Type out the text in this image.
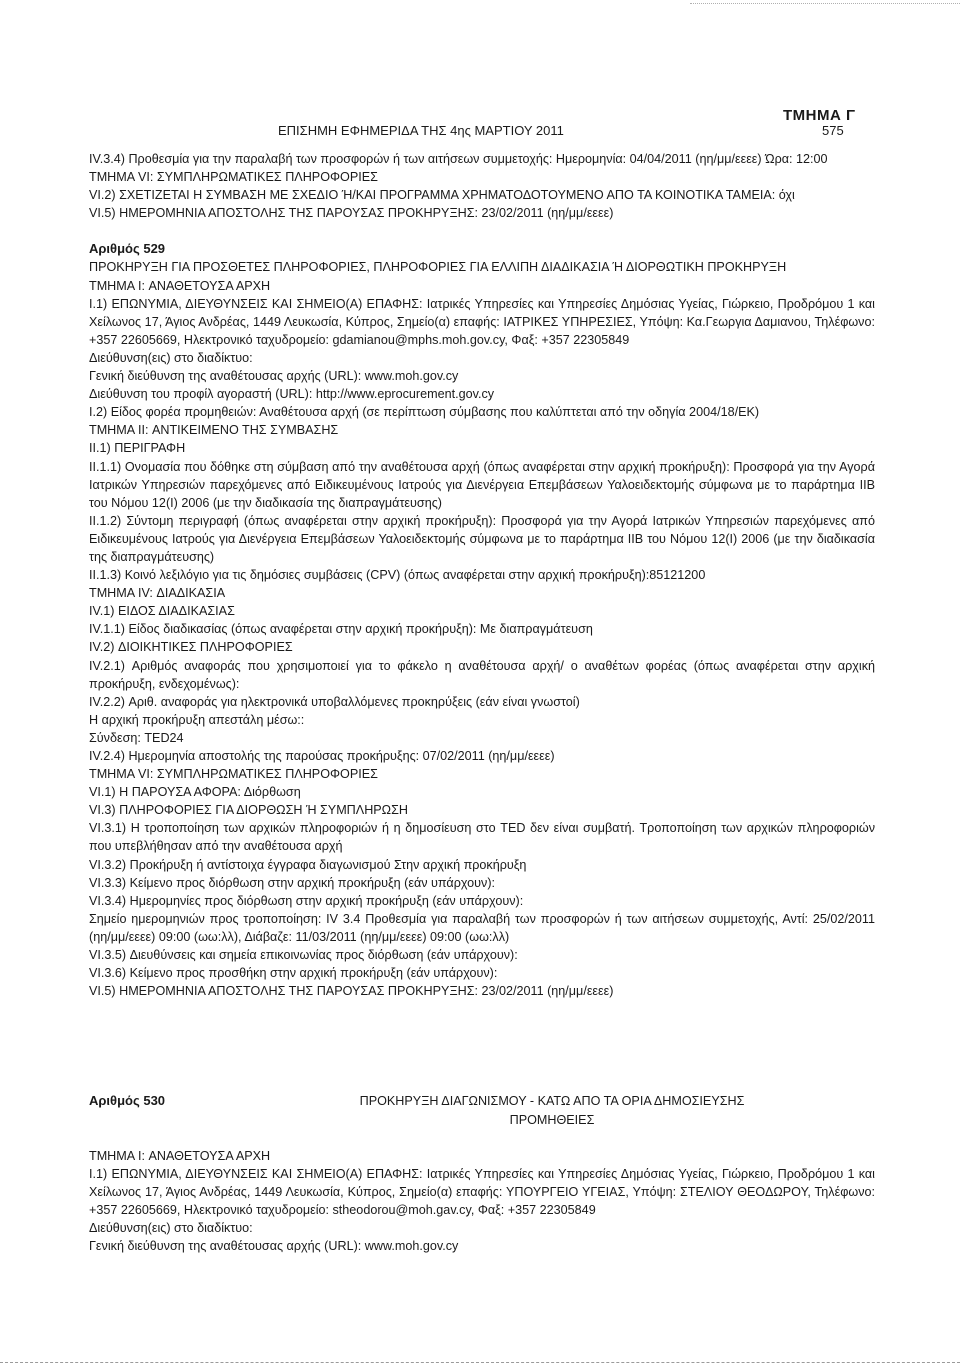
ΤΜΗΜΑ Γ
ΕΠΙΣΗΜΗ ΕΦΗΜΕΡΙΔΑ ΤΗΣ 4ης ΜΑΡΤΙΟΥ 2011	575

IV.3.4) Προθεσμία για την παραλαβή των προσφορών ή των αιτήσεων συμμετοχής: Ημερομηνία: 04/04/2011 (ηη/μμ/εεεε) Ώρα: 12:00

ΤΜΗΜΑ VI: ΣΥΜΠΛΗΡΩΜΑΤΙΚΕΣ ΠΛΗΡΟΦΟΡΙΕΣ

VI.2) ΣΧΕΤΙΖΕΤΑΙ Η ΣΥΜΒΑΣΗ ΜΕ ΣΧΕΔΙΟ Ή/ΚΑΙ ΠΡΟΓΡΑΜΜΑ ΧΡΗΜΑΤΟΔΟΤΟΥΜΕΝΟ ΑΠΟ ΤΑ ΚΟΙΝΟΤΙΚΑ ΤΑΜΕΙΑ: όχι

VI.5) ΗΜΕΡΟΜΗΝΙΑ ΑΠΟΣΤΟΛΗΣ ΤΗΣ ΠΑΡΟΥΣΑΣ ΠΡΟΚΗΡΥΞΗΣ: 23/02/2011 (ηη/μμ/εεεε)

Αριθμός 529

ΠΡΟΚΗΡΥΞΗ ΓΙΑ ΠΡΟΣΘΕΤΕΣ ΠΛΗΡΟΦΟΡΙΕΣ, ΠΛΗΡΟΦΟΡΙΕΣ ΓΙΑ ΕΛΛΙΠΗ ΔΙΑΔΙΚΑΣΙΑ Ή ΔΙΟΡΘΩΤΙΚΗ ΠΡΟΚΗΡΥΞΗ

ΤΜΗΜΑ I: ΑΝΑΘΕΤΟΥΣΑ ΑΡΧΗ

I.1) ΕΠΩΝΥΜΙΑ, ΔΙΕΥΘΥΝΣΕΙΣ ΚΑΙ ΣΗΜΕΙΟ(Α) ΕΠΑΦΗΣ: Ιατρικές Υπηρεσίες και Υπηρεσίες Δημόσιας Υγείας, Γιώρκειο, Προδρόμου 1 και Χείλωνος 17, Άγιος Ανδρέας, 1449 Λευκωσία, Κύπρος, Σημείο(α) επαφής: ΙΑΤΡΙΚΕΣ ΥΠΗΡΕΣΙΕΣ, Υπόψη: Κα.Γεωργια Δαμιανου, Τηλέφωνο: +357 22605669, Ηλεκτρονικό ταχυδρομείο: gdamianou@mphs.moh.gov.cy, Φαξ: +357 22305849

Διεύθυνση(εις) στο διαδίκτυο:

Γενική διεύθυνση της αναθέτουσας αρχής (URL): www.moh.gov.cy

Διεύθυνση του προφίλ αγοραστή (URL): http://www.eprocurement.gov.cy

I.2) Είδος φορέα προμηθειών: Αναθέτουσα αρχή (σε περίπτωση σύμβασης που καλύπτεται από την οδηγία 2004/18/ΕΚ)

ΤΜΗΜΑ II: ΑΝΤΙΚΕΙΜΕΝΟ ΤΗΣ ΣΥΜΒΑΣΗΣ

II.1) ΠΕΡΙΓΡΑΦΗ

II.1.1) Ονομασία που δόθηκε στη σύμβαση από την αναθέτουσα αρχή (όπως αναφέρεται στην αρχική προκήρυξη): Προσφορά για την Αγορά Ιατρικών Υπηρεσιών παρεχόμενες από Ειδικευμένους Ιατρούς για Διενέργεια Επεμβάσεων Υαλοειδεκτομής σύμφωνα με το παράρτημα IIB του Νόμου 12(Ι) 2006 (με την διαδικασία της διαπραγμάτευσης)

II.1.2) Σύντομη περιγραφή (όπως αναφέρεται στην αρχική προκήρυξη): Προσφορά για την Αγορά Ιατρικών Υπηρεσιών παρεχόμενες από Ειδικευμένους Ιατρούς για Διενέργεια Επεμβάσεων Υαλοειδεκτομής σύμφωνα με το παράρτημα IIB του Νόμου 12(Ι) 2006 (με την διαδικασία της διαπραγμάτευσης)

II.1.3) Κοινό λεξιλόγιο για τις δημόσιες συμβάσεις (CPV) (όπως αναφέρεται στην αρχική προκήρυξη):85121200

ΤΜΗΜΑ IV: ΔΙΑΔΙΚΑΣΙΑ

IV.1) ΕΙΔΟΣ ΔΙΑΔΙΚΑΣΙΑΣ

IV.1.1) Είδος διαδικασίας (όπως αναφέρεται στην αρχική προκήρυξη): Με διαπραγμάτευση

IV.2) ΔΙΟΙΚΗΤΙΚΕΣ ΠΛΗΡΟΦΟΡΙΕΣ

IV.2.1) Αριθμός αναφοράς που χρησιμοποιεί για το φάκελο η αναθέτουσα αρχή/ ο αναθέτων φορέας (όπως αναφέρεται στην αρχική προκήρυξη, ενδεχομένως):

IV.2.2) Αριθ. αναφοράς για ηλεκτρονικά υποβαλλόμενες προκηρύξεις (εάν είναι γνωστοί)

Η αρχική προκήρυξη απεστάλη μέσω::

Σύνδεση: TED24

IV.2.4) Ημερομηνία αποστολής της παρούσας προκήρυξης: 07/02/2011 (ηη/μμ/εεεε)

ΤΜΗΜΑ VI: ΣΥΜΠΛΗΡΩΜΑΤΙΚΕΣ ΠΛΗΡΟΦΟΡΙΕΣ

VI.1) Η ΠΑΡΟΥΣΑ ΑΦΟΡΑ: Διόρθωση

VI.3) ΠΛΗΡΟΦΟΡΙΕΣ ΓΙΑ ΔΙΟΡΘΩΣΗ Ή ΣΥΜΠΛΗΡΩΣΗ

VI.3.1) Η τροποποίηση των αρχικών πληροφοριών ή η δημοσίευση στο TED δεν είναι συμβατή. Τροποποίηση των αρχικών πληροφοριών που υπεβλήθησαν από την αναθέτουσα αρχή

VI.3.2) Προκήρυξη ή αντίστοιχα έγγραφα διαγωνισμού Στην αρχική προκήρυξη

VI.3.3) Κείμενο προς διόρθωση στην αρχική προκήρυξη (εάν υπάρχουν):

VI.3.4) Ημερομηνίες προς διόρθωση στην αρχική προκήρυξη (εάν υπάρχουν):

Σημείο ημερομηνιών προς τροποποίηση: IV 3.4 Προθεσμία για παραλαβή των προσφορών ή των αιτήσεων συμμετοχής, Αντί: 25/02/2011 (ηη/μμ/εεεε) 09:00 (ωω:λλ), Διάβαζε: 11/03/2011 (ηη/μμ/εεεε) 09:00 (ωω:λλ)

VI.3.5) Διευθύνσεις και σημεία επικοινωνίας προς διόρθωση (εάν υπάρχουν):

VI.3.6) Κείμενο προς προσθήκη στην αρχική προκήρυξη (εάν υπάρχουν):

VI.5) ΗΜΕΡΟΜΗΝΙΑ ΑΠΟΣΤΟΛΗΣ ΤΗΣ ΠΑΡΟΥΣΑΣ ΠΡΟΚΗΡΥΞΗΣ: 23/02/2011 (ηη/μμ/εεεε)

Αριθμός 530	ΠΡΟΚΗΡΥΞΗ ΔΙΑΓΩΝΙΣΜΟΥ - ΚΑΤΩ ΑΠΟ ΤΑ ΟΡΙΑ ΔΗΜΟΣΙΕΥΣΗΣ

ΠΡΟΜΗΘΕΙΕΣ

ΤΜΗΜΑ I: ΑΝΑΘΕΤΟΥΣΑ ΑΡΧΗ

I.1) ΕΠΩΝΥΜΙΑ, ΔΙΕΥΘΥΝΣΕΙΣ ΚΑΙ ΣΗΜΕΙΟ(Α) ΕΠΑΦΗΣ: Ιατρικές Υπηρεσίες και Υπηρεσίες Δημόσιας Υγείας, Γιώρκειο, Προδρόμου 1 και Χείλωνος 17, Άγιος Ανδρέας, 1449 Λευκωσία, Κύπρος, Σημείο(α) επαφής: ΥΠΟΥΡΓΕΙΟ ΥΓΕΙΑΣ, Υπόψη: ΣΤΕΛΙΟΥ ΘΕΟΔΩΡΟΥ, Τηλέφωνο: +357 22605669, Ηλεκτρονικό ταχυδρομείο: stheodorou@moh.gav.cy, Φαξ: +357 22305849

Διεύθυνση(εις) στο διαδίκτυο:

Γενική διεύθυνση της αναθέτουσας αρχής (URL): www.moh.gov.cy
